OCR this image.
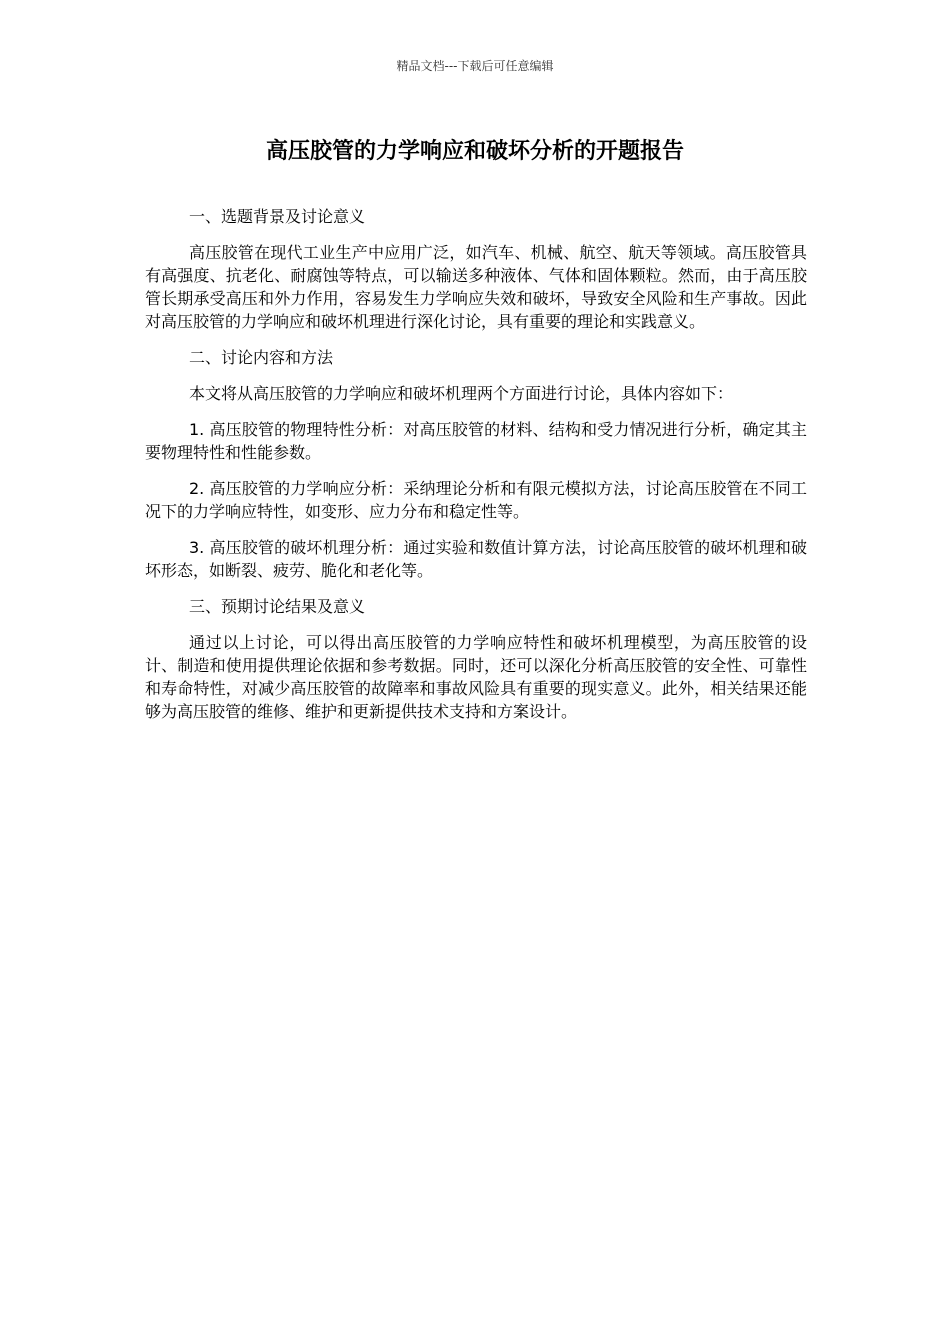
精品文档---下载后可任意编辑
高压胶管的力学响应和破坏分析的开题报告

一、选题背景及讨论意义

高压胶管在现代工业生产中应用广泛，如汽车、机械、航空、航天等领域。高压胶管具有高强度、抗老化、耐腐蚀等特点，可以输送多种液体、气体和固体颗粒。然而，由于高压胶管长期承受高压和外力作用，容易发生力学响应失效和破坏，导致安全风险和生产事故。因此对高压胶管的力学响应和破坏机理进行深化讨论，具有重要的理论和实践意义。

二、讨论内容和方法

本文将从高压胶管的力学响应和破坏机理两个方面进行讨论，具体内容如下：

1. 高压胶管的物理特性分析：对高压胶管的材料、结构和受力情况进行分析，确定其主要物理特性和性能参数。

2. 高压胶管的力学响应分析：采纳理论分析和有限元模拟方法，讨论高压胶管在不同工况下的力学响应特性，如变形、应力分布和稳定性等。

3. 高压胶管的破坏机理分析：通过实验和数值计算方法，讨论高压胶管的破坏机理和破坏形态，如断裂、疲劳、脆化和老化等。

三、预期讨论结果及意义

通过以上讨论，可以得出高压胶管的力学响应特性和破坏机理模型，为高压胶管的设计、制造和使用提供理论依据和参考数据。同时，还可以深化分析高压胶管的安全性、可靠性和寿命特性，对减少高压胶管的故障率和事故风险具有重要的现实意义。此外，相关结果还能够为高压胶管的维修、维护和更新提供技术支持和方案设计。
